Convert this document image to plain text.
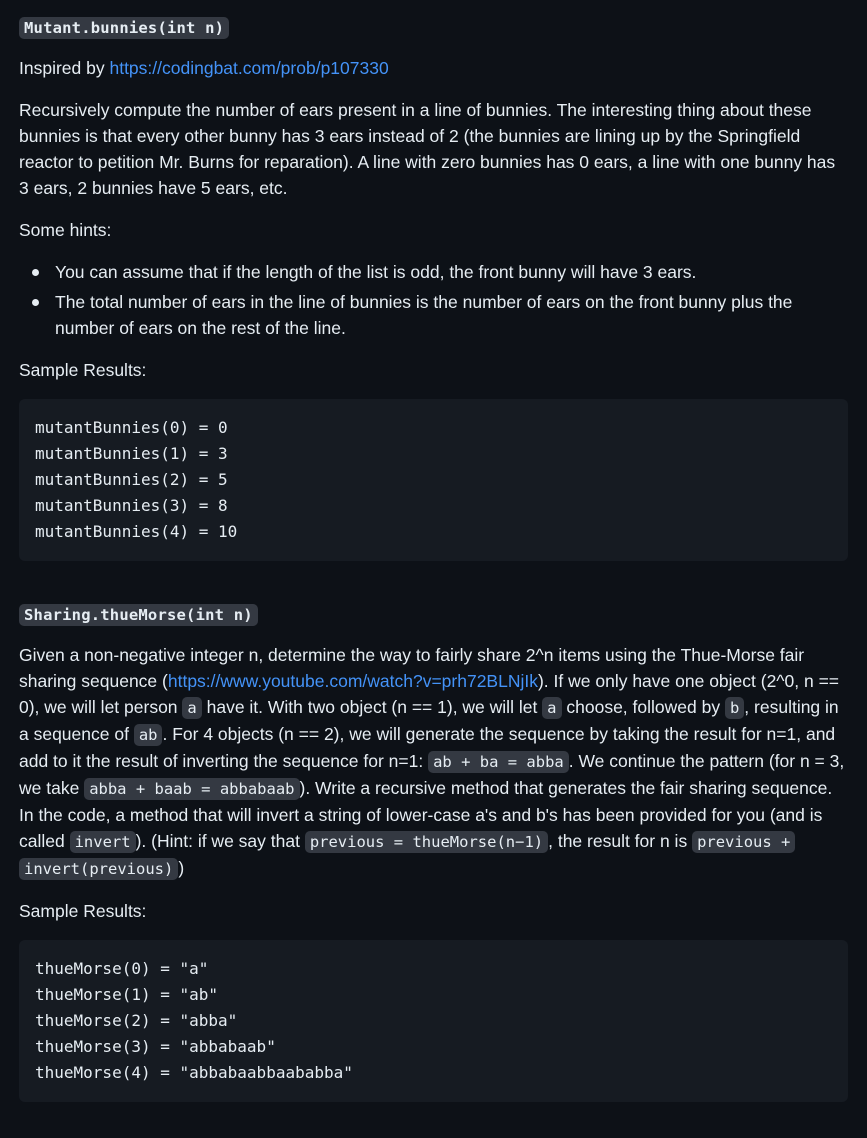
Mutant.bunnies(int n)

Inspired by https://codingbat.com/prob/p107330

Recursively compute the number of ears present in a line of bunnies. The interesting thing about these bunnies is that every other bunny has 3 ears instead of 2 (the bunnies are lining up by the Springfield reactor to petition Mr. Burns for reparation). A line with zero bunnies has 0 ears, a line with one bunny has 3 ears, 2 bunnies have 5 ears, etc.

Some hints:

You can assume that if the length of the list is odd, the front bunny will have 3 ears.
The total number of ears in the line of bunnies is the number of ears on the front bunny plus the number of ears on the rest of the line.

Sample Results:

mutantBunnies(0) = 0
mutantBunnies(1) = 3
mutantBunnies(2) = 5
mutantBunnies(3) = 8
mutantBunnies(4) = 10
Sharing.thueMorse(int n)

Given a non-negative integer n, determine the way to fairly share 2^n items using the Thue-Morse fair sharing sequence (https://www.youtube.com/watch?v=prh72BLNjIk). If we only have one object (2^0, n == 0), we will let person a have it. With two object (n == 1), we will let a choose, followed by b , resulting in a sequence of ab . For 4 objects (n == 2), we will generate the sequence by taking the result for n=1, and add to it the result of inverting the sequence for n=1: ab + ba = abba . We continue the pattern (for n = 3, we take abba + baab = abbabaab ). Write a recursive method that generates the fair sharing sequence. In the code, a method that will invert a string of lower-case a's and b's has been provided for you (and is called invert ). (Hint: if we say that previous = thueMorse(n−1) , the result for n is previous + invert(previous) )

Sample Results:

thueMorse(0) = "a"
thueMorse(1) = "ab"
thueMorse(2) = "abba"
thueMorse(3) = "abbabaab"
thueMorse(4) = "abbabaabbaababba"
